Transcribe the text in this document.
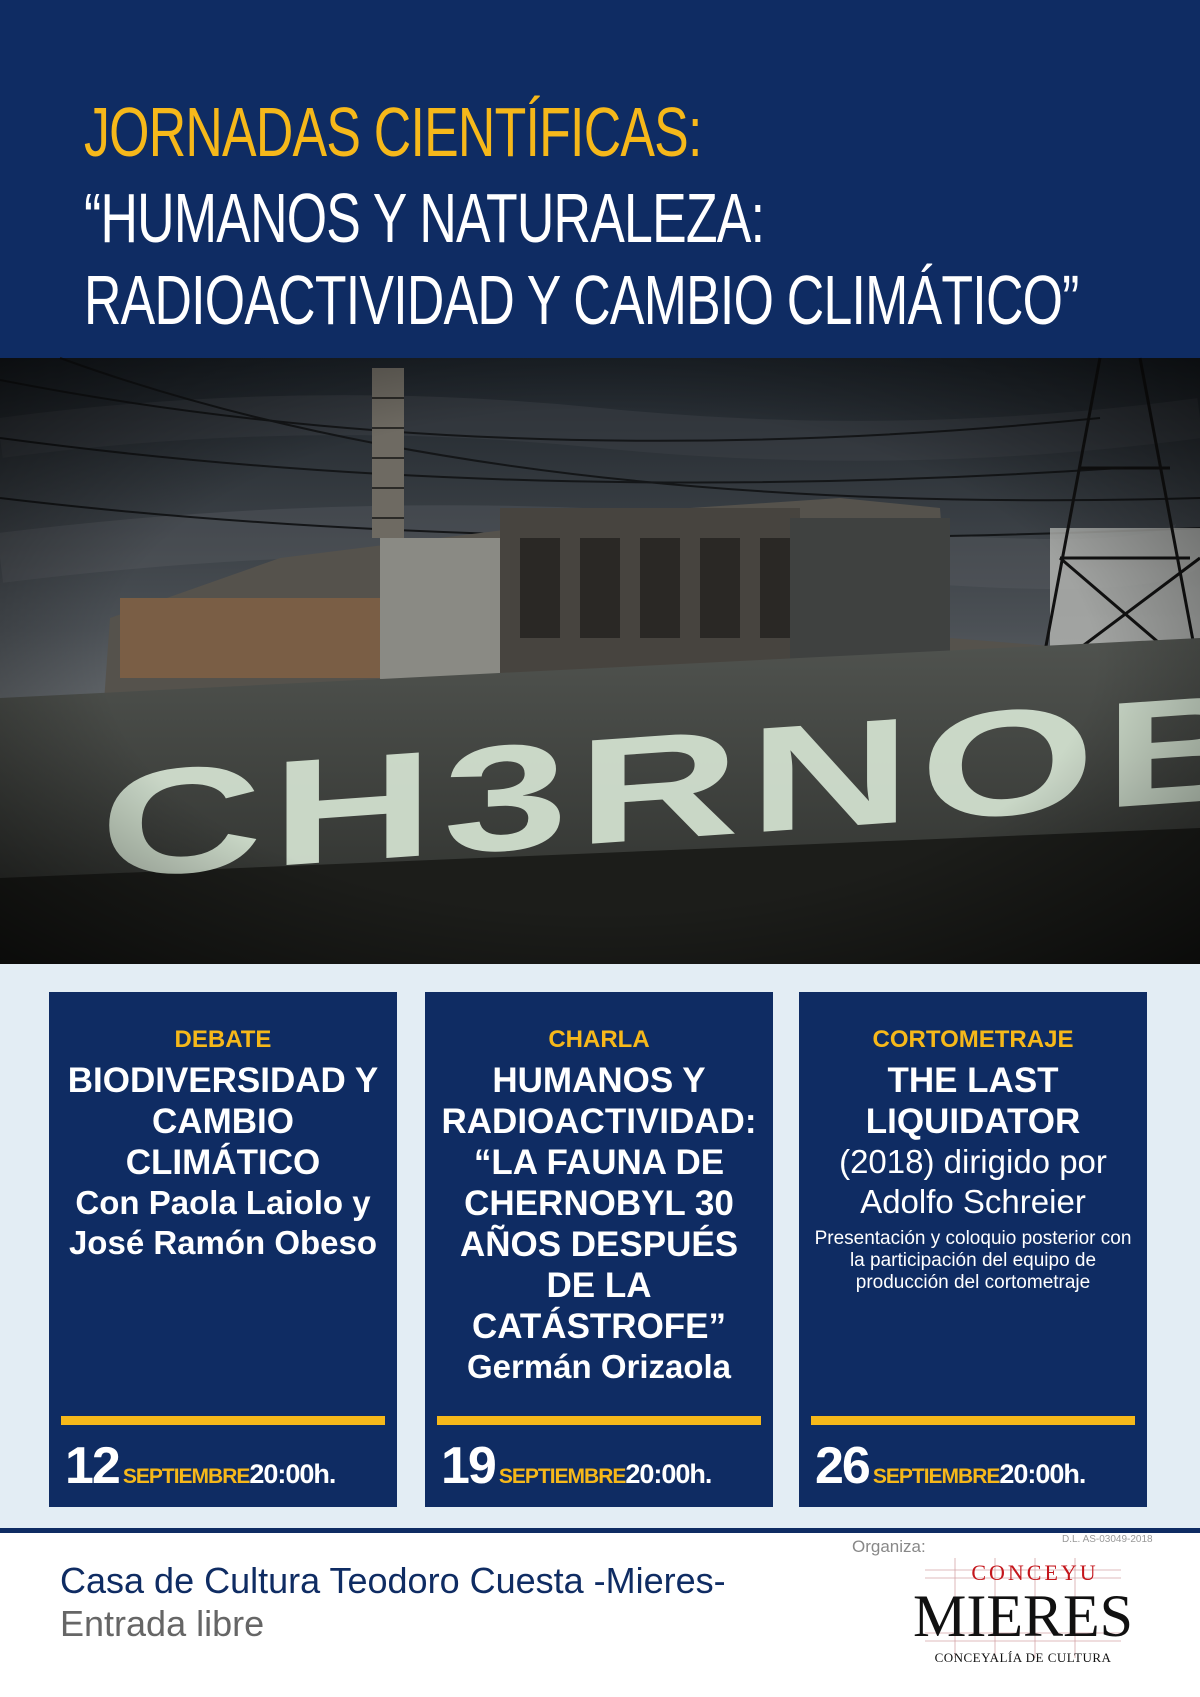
JORNADAS CIENTÍFICAS:
“HUMANOS Y NATURALEZA:
RADIOACTIVIDAD Y CAMBIO CLIMÁTICO”
DEBATE
BIODIVERSIDAD Y CAMBIO CLIMÁTICO
Con Paola Laiolo y José Ramón Obeso
12 SEPTIEMBRE20:00h.
CHARLA
HUMANOS Y RADIOACTIVIDAD: “LA FAUNA DE CHERNOBYL 30 AÑOS DESPUÉS DE LA CATÁSTROFE”
Germán Orizaola
19 SEPTIEMBRE20:00h.
CORTOMETRAJE
THE LAST LIQUIDATOR
(2018) dirigido por Adolfo Schreier
Presentación y coloquio posterior con la participación del equipo de producción del cortometraje
26 SEPTIEMBRE20:00h.
Casa de Cultura Teodoro Cuesta -Mieres-
Entrada libre
Organiza:	D.L. AS-03049-2018
CONCEYU
MIERES
CONCEYALÍA DE CULTURA
